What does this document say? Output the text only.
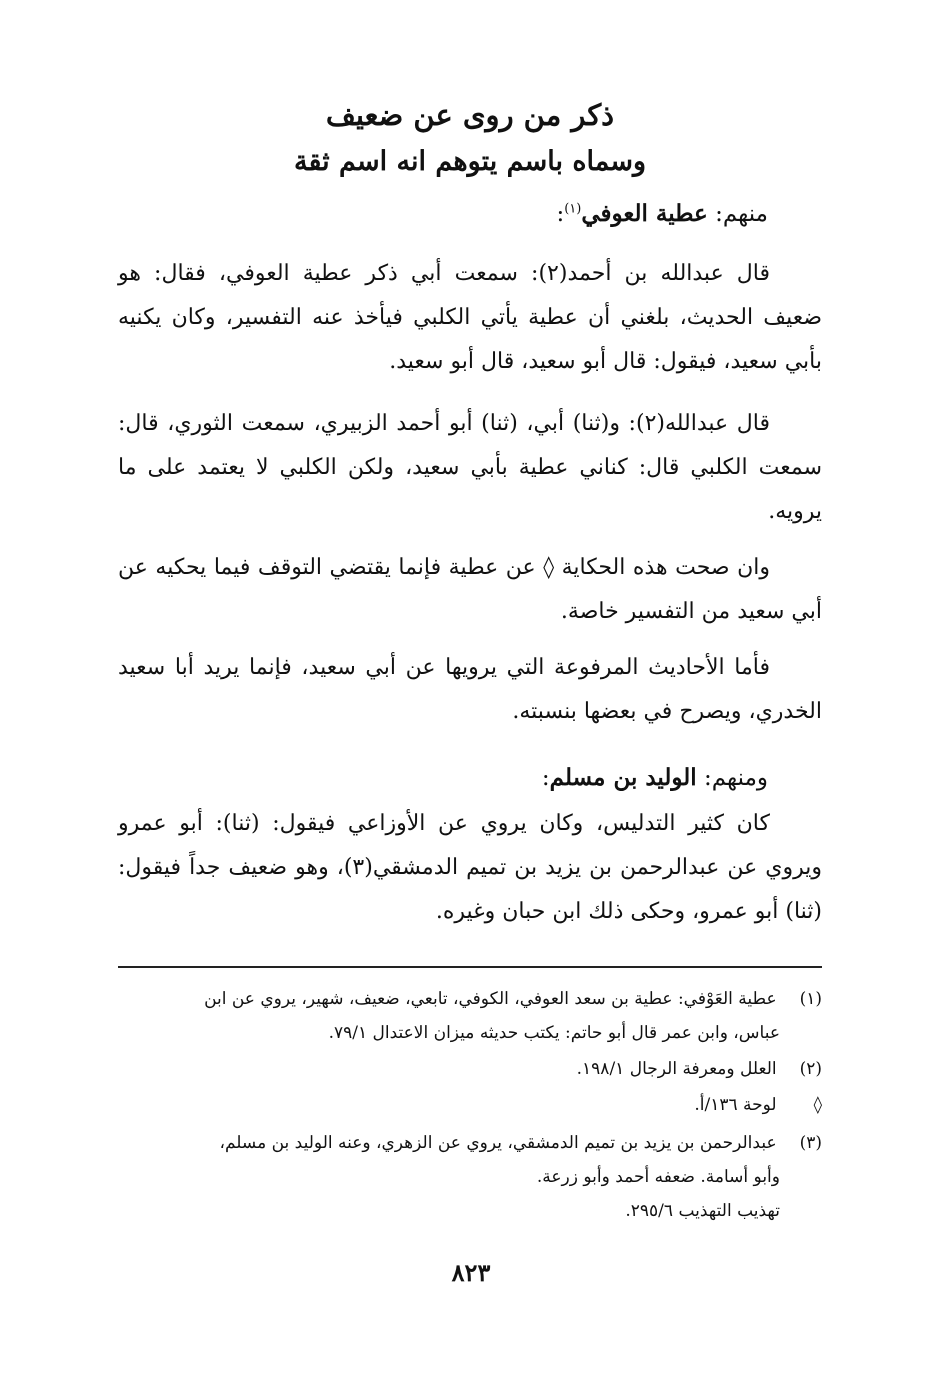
ذكر من روى عن ضعيف
وسماه باسم يتوهم انه اسم ثقة
منهم: عطية العوفي$^{(١)}$:
قال عبدالله بن أحمد(٢): سمعت أبي ذكر عطية العوفي، فقال: هو ضعيف الحديث، بلغني أن عطية يأتي الكلبي فيأخذ عنه التفسير، وكان يكنيه بأبي سعيد، فيقول: قال أبو سعيد، قال أبو سعيد.
قال عبدالله(٢): و(ثنا) أبي، (ثنا) أبو أحمد الزبيري، سمعت الثوري، قال: سمعت الكلبي قال: كناني عطية بأبي سعيد، ولكن الكلبي لا يعتمد على ما يرويه.
وان صحت هذه الحكاية ◊ عن عطية فإنما يقتضي التوقف فيما يحكيه عن أبي سعيد من التفسير خاصة.
فأما الأحاديث المرفوعة التي يرويها عن أبي سعيد، فإنما يريد أبا سعيد الخدري، ويصرح في بعضها بنسبته.
ومنهم: الوليد بن مسلم:
كان كثير التدليس، وكان يروي عن الأوزاعي فيقول: (ثنا): أبو عمرو ويروي عن عبدالرحمن بن يزيد بن تميم الدمشقي(٣)، وهو ضعيف جداً فيقول: (ثنا) أبو عمرو، وحكى ذلك ابن حبان وغيره.
(١) عطية العَوْفي: عطية بن سعد العوفي، الكوفي، تابعي، ضعيف، شهير، يروي عن ابن
عباس، وابن عمر قال أبو حاتم: يكتب حديثه ميزان الاعتدال ٧٩/١.
(٢) العلل ومعرفة الرجال ١٩٨/١.
◊ لوحة ١٣٦/أ.
(٣) عبدالرحمن بن يزيد بن تميم الدمشقي، يروي عن الزهري، وعنه الوليد بن مسلم،
وأبو أسامة. ضعفه أحمد وأبو زرعة.
تهذيب التهذيب ٢٩٥/٦.
٨٢٣
